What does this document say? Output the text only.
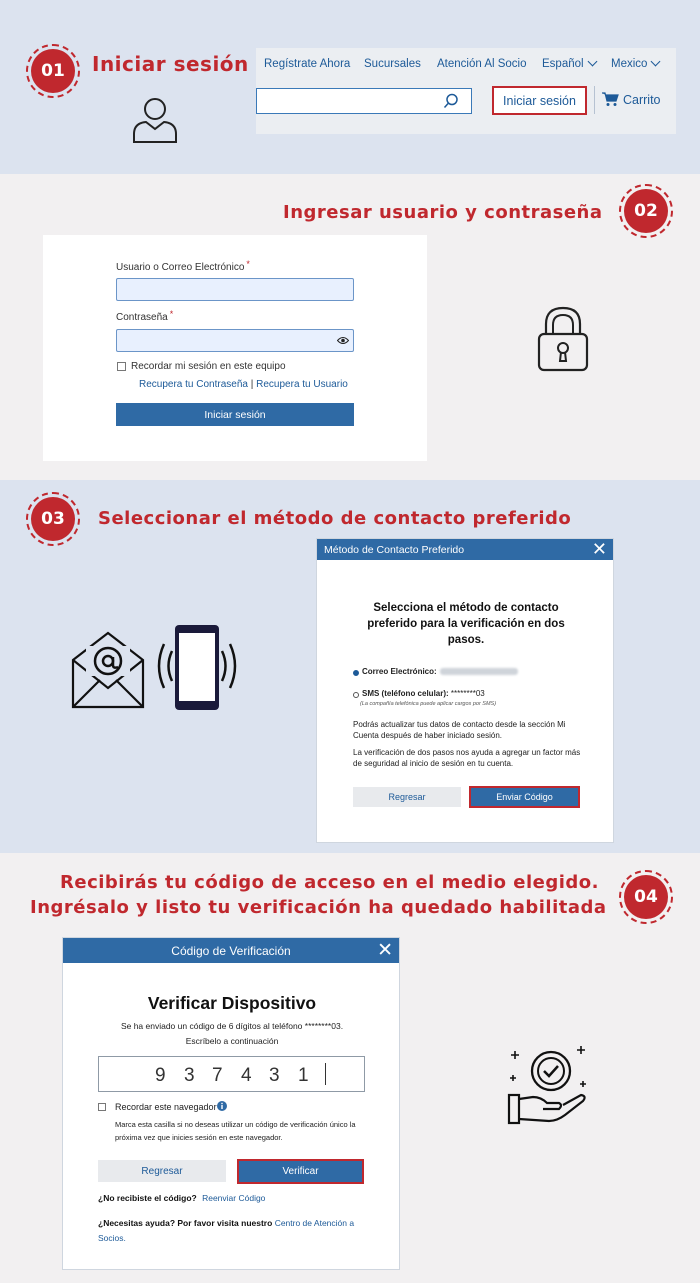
01	Iniciar sesión Regístrate Ahora Sucursales Atención Al Socio Español	Mexico
Iniciar sesión	Carrito
Ingresar usuario y contraseña	02
Usuario o Correo Electrónico *
Contraseña *
Recordar mi sesión en este equipo
Recupera tu Contraseña | Recupera tu Usuario
Iniciar sesión
03	Seleccionar el método de contacto preferido
Método de Contacto Preferido	✕
Selecciona el método de contacto preferido para la verificación en dos pasos.
Correo Electrónico:
SMS (teléfono celular): ********03
(La compañía telefónica puede aplicar cargos por SMS)
Podrás actualizar tus datos de contacto desde la sección Mi Cuenta después de haber iniciado sesión.
La verificación de dos pasos nos ayuda a agregar un factor más de seguridad al inicio de sesión en tu cuenta.
Regresar	Enviar Código
Recibirás tu código de acceso en el medio elegido.
Ingrésalo y listo tu verificación ha quedado habilitada	04
Código de Verificación	✕
Verificar Dispositivo
Se ha enviado un código de 6 dígitos al teléfono ********03.
Escríbelo a continuación
9 3 7 4 3 1
Recordar este navegador
Marca esta casilla si no deseas utilizar un código de verificación único la próxima vez que inicies sesión en este navegador.
Regresar	Verificar
¿No recibiste el código? Reenviar Código
¿Necesitas ayuda? Por favor visita nuestro Centro de Atención a Socios.
